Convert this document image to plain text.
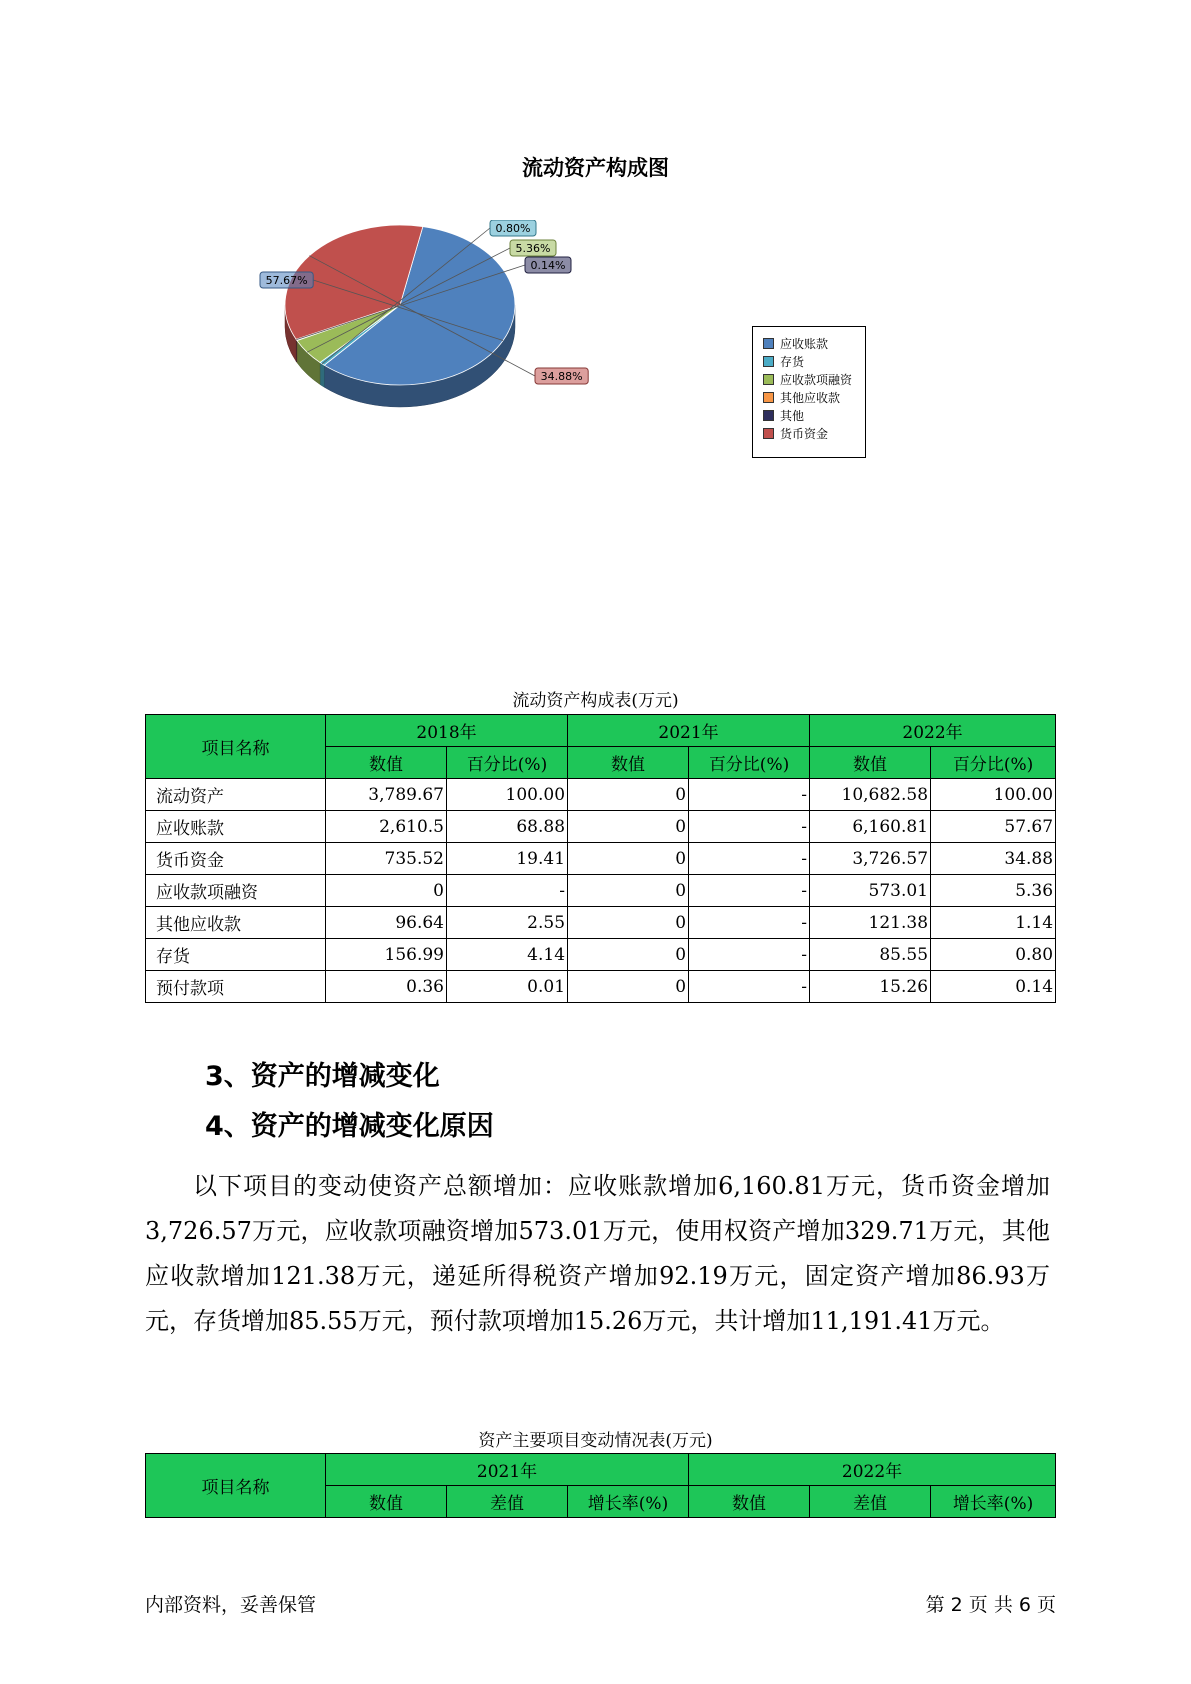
流动资产构成图
57.67%
0.80%
5.36%
0.14%
34.88%
应收账款
存货
应收款项融资
其他应收款
其他
货币资金
流动资产构成表(万元)
项目名称	2018年		2021年		2022年	
	数值	百分比(%)	数值	百分比(%)	数值	百分比(%)
流动资产	3,789.67	100.00	0	-	10,682.58	100.00
应收账款	2,610.5	68.88	0	-	6,160.81	57.67
货币资金	735.52	19.41	0	-	3,726.57	34.88
应收款项融资	0	-	0	-	573.01	5.36
其他应收款	96.64	2.55	0	-	121.38	1.14
存货	156.99	4.14	0	-	85.55	0.80
预付款项	0.36	0.01	0	-	15.26	0.14
3、资产的增减变化
4、资产的增减变化原因
以下项目的变动使资产总额增加：应收账款增加6,160.81万元，货币资金增加3,726.57万元，应收款项融资增加573.01万元，使用权资产增加329.71万元，其他应收款增加121.38万元，递延所得税资产增加92.19万元，固定资产增加86.93万元，存货增加85.55万元，预付款项增加15.26万元，共计增加11,191.41万元。
资产主要项目变动情况表(万元)
项目名称	2021年			2022年		
	数值	差值	增长率(%)	数值	差值	增长率(%)
内部资料，妥善保管	第 2 页 共 6 页
